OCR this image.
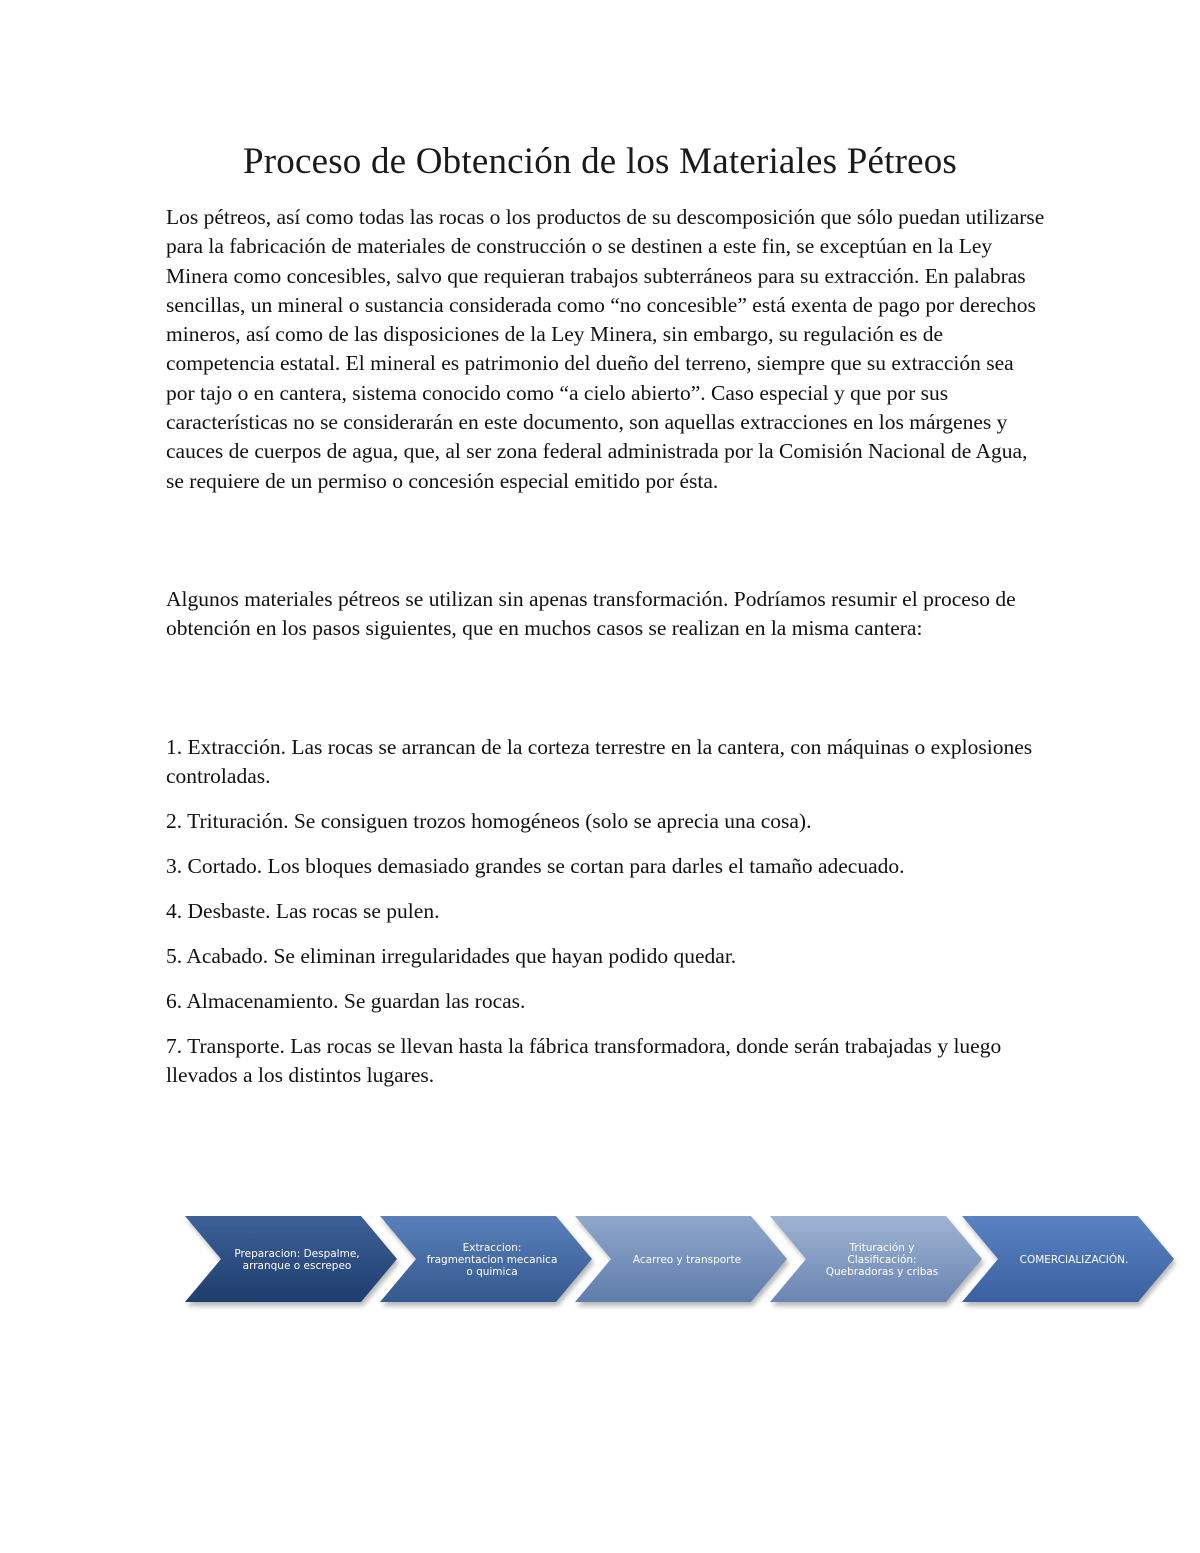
Proceso de Obtención de los Materiales Pétreos

Los pétreos, así como todas las rocas o los productos de su descomposición que sólo puedan utilizarse para la fabricación de materiales de construcción o se destinen a este fin, se exceptúan en la Ley Minera como concesibles, salvo que requieran trabajos subterráneos para su extracción. En palabras sencillas, un mineral o sustancia considerada como “no concesible” está exenta de pago por derechos mineros, así como de las disposiciones de la Ley Minera, sin embargo, su regulación es de competencia estatal. El mineral es patrimonio del dueño del terreno, siempre que su extracción sea por tajo o en cantera, sistema conocido como “a cielo abierto”. Caso especial y que por sus características no se considerarán en este documento, son aquellas extracciones en los márgenes y cauces de cuerpos de agua, que, al ser zona federal administrada por la Comisión Nacional de Agua, se requiere de un permiso o concesión especial emitido por ésta.

Algunos materiales pétreos se utilizan sin apenas transformación. Podríamos resumir el proceso de obtención en los pasos siguientes, que en muchos casos se realizan en la misma cantera:

1. Extracción. Las rocas se arrancan de la corteza terrestre en la cantera, con máquinas o explosiones controladas.
2. Trituración. Se consiguen trozos homogéneos (solo se aprecia una cosa).
3. Cortado. Los bloques demasiado grandes se cortan para darles el tamaño adecuado.
4. Desbaste. Las rocas se pulen.
5. Acabado. Se eliminan irregularidades que hayan podido quedar.
6. Almacenamiento. Se guardan las rocas.
7. Transporte. Las rocas se llevan hasta la fábrica transformadora, donde serán trabajadas y luego llevados a los distintos lugares.
Preparacion: Despalme, arranque o escrepeo
Extraccion: fragmentacion mecanica o quimica
Acarreo y transporte
Trituración y Clasificación: Quebradoras y cribas
COMERCIALIZACIÓN.
